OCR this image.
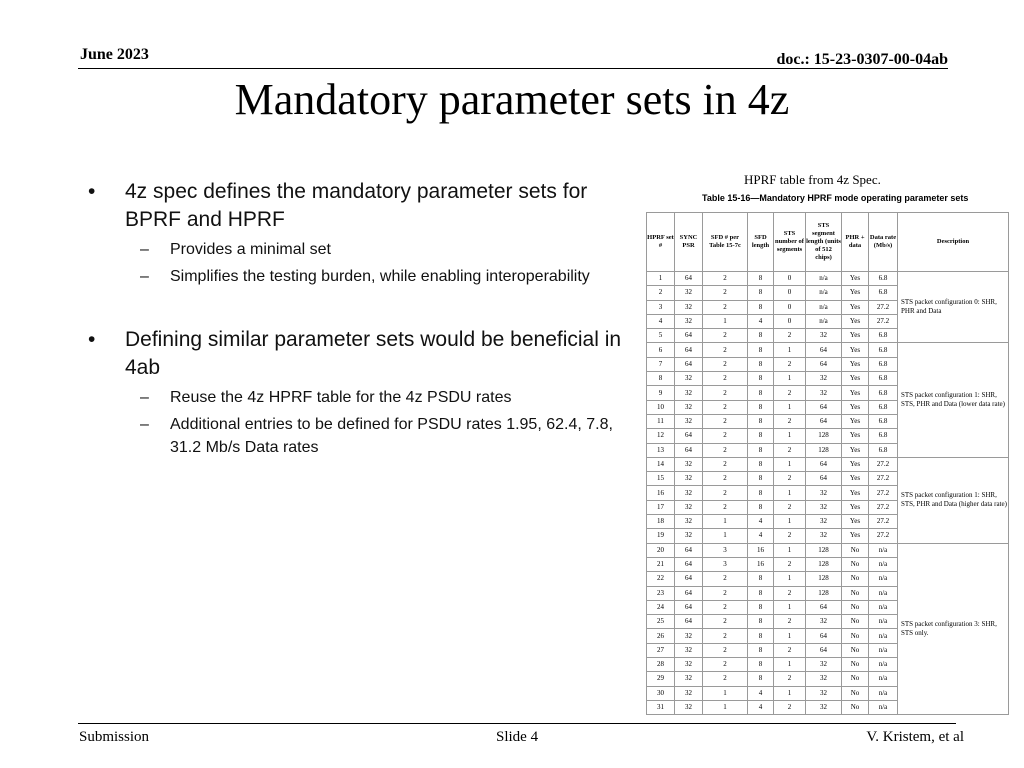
June 2023	doc.: 15-23-0307-00-04ab
Mandatory parameter sets in 4z
• 4z spec defines the mandatory parameter sets for BPRF and HPRF
– Provides a minimal set
– Simplifies the testing burden, while enabling interoperability
• Defining similar parameter sets would be beneficial in 4ab
– Reuse the 4z HPRF table for the 4z PSDU rates
– Additional entries to be defined for PSDU rates 1.95, 62.4, 7.8, 31.2 Mb/s Data rates
HPRF table from 4z Spec.
Table 15-16—Mandatory HPRF mode operating parameter sets
HPRF set #	SYNC PSR	SFD # per Table 15-7c	SFD length	STS number of segments	STS segment length (units of 512 chips)	PHR + data	Data rate (Mb/s)	Description
1	64	2	8	0	n/a	Yes	6.8	STS packet configuration 0: SHR, PHR and Data
2	32	2	8	0	n/a	Yes	6.8	
3	32	2	8	0	n/a	Yes	27.2	
4	32	1	4	0	n/a	Yes	27.2	
5	64	2	8	2	32	Yes	6.8	
6	64	2	8	1	64	Yes	6.8	STS packet configuration 1: SHR, STS, PHR and Data (lower data rate)
7	64	2	8	2	64	Yes	6.8	
8	32	2	8	1	32	Yes	6.8	
9	32	2	8	2	32	Yes	6.8	
10	32	2	8	1	64	Yes	6.8	
11	32	2	8	2	64	Yes	6.8	
12	64	2	8	1	128	Yes	6.8	
13	64	2	8	2	128	Yes	6.8	
14	32	2	8	1	64	Yes	27.2	STS packet configuration 1: SHR, STS, PHR and Data (higher data rate)
15	32	2	8	2	64	Yes	27.2	
16	32	2	8	1	32	Yes	27.2	
17	32	2	8	2	32	Yes	27.2	
18	32	1	4	1	32	Yes	27.2	
19	32	1	4	2	32	Yes	27.2	
20	64	3	16	1	128	No	n/a	STS packet configuration 3: SHR, STS only.
21	64	3	16	2	128	No	n/a	
22	64	2	8	1	128	No	n/a	
23	64	2	8	2	128	No	n/a	
24	64	2	8	1	64	No	n/a	
25	64	2	8	2	32	No	n/a	
26	32	2	8	1	64	No	n/a	
27	32	2	8	2	64	No	n/a	
28	32	2	8	1	32	No	n/a	
29	32	2	8	2	32	No	n/a	
30	32	1	4	1	32	No	n/a	
31	32	1	4	2	32	No	n/a	
Submission	Slide 4	V. Kristem, et al
